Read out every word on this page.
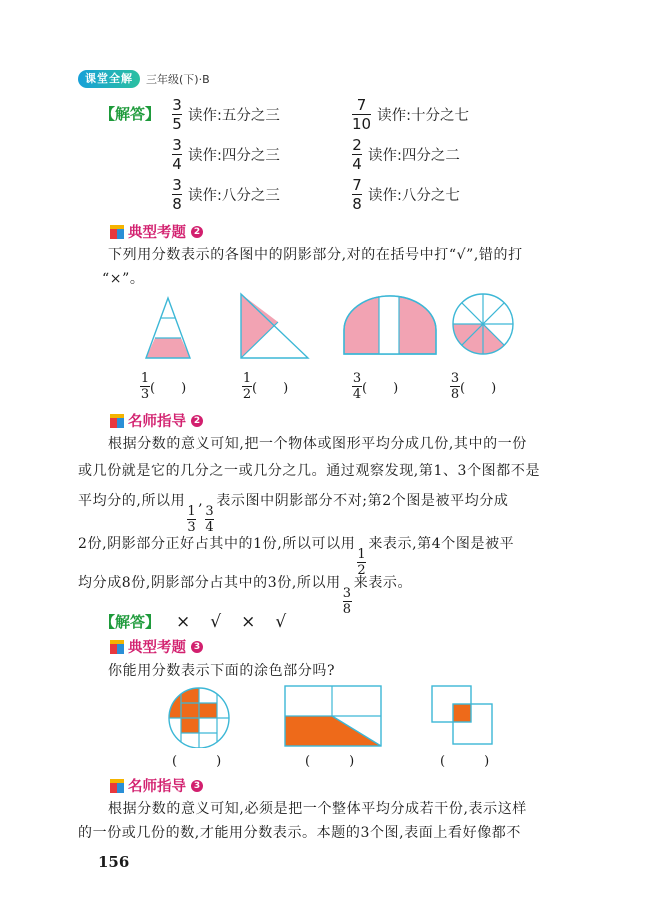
课堂全解	三年级(下)·B
【解答】 $\frac{3}{5}$ 读作:五分之三	$\frac{7}{10}$ 读作:十分之七
$\frac{3}{4}$ 读作:四分之三	$\frac{2}{4}$ 读作:四分之二
$\frac{3}{8}$ 读作:八分之三	$\frac{7}{8}$ 读作:八分之七
典型考题 2
下列用分数表示的各图中的阴影部分,对的在括号中打“√”,错的打
“×”。
$\frac{1}{3}$ (　　)	$\frac{1}{2}$ (　　)	$\frac{3}{4}$ (　　)	$\frac{3}{8}$ (　　)
名师指导 2
根据分数的意义可知,把一个物体或图形平均分成几份,其中的一份
或几份就是它的几分之一或几分之几。通过观察发现,第1、3个图都不是
平均分的,所以用
$\frac{1}{3}$
,
$\frac{3}{4}$
表示图中阴影部分不对;第2个图是被平均分成
2份,阴影部分正好占其中的1份,所以可以用
$\frac{1}{2}$
来表示,第4个图是被平
均分成8份,阴影部分占其中的3份,所以用
$\frac{3}{8}$
来表示。
【解答】 × √ × √
典型考题 3
你能用分数表示下面的涂色部分吗?
(　　　)	(　　　)	(　　　)
名师指导 3
根据分数的意义可知,必须是把一个整体平均分成若干份,表示这样
的一份或几份的数,才能用分数表示。本题的3个图,表面上看好像都不
156
